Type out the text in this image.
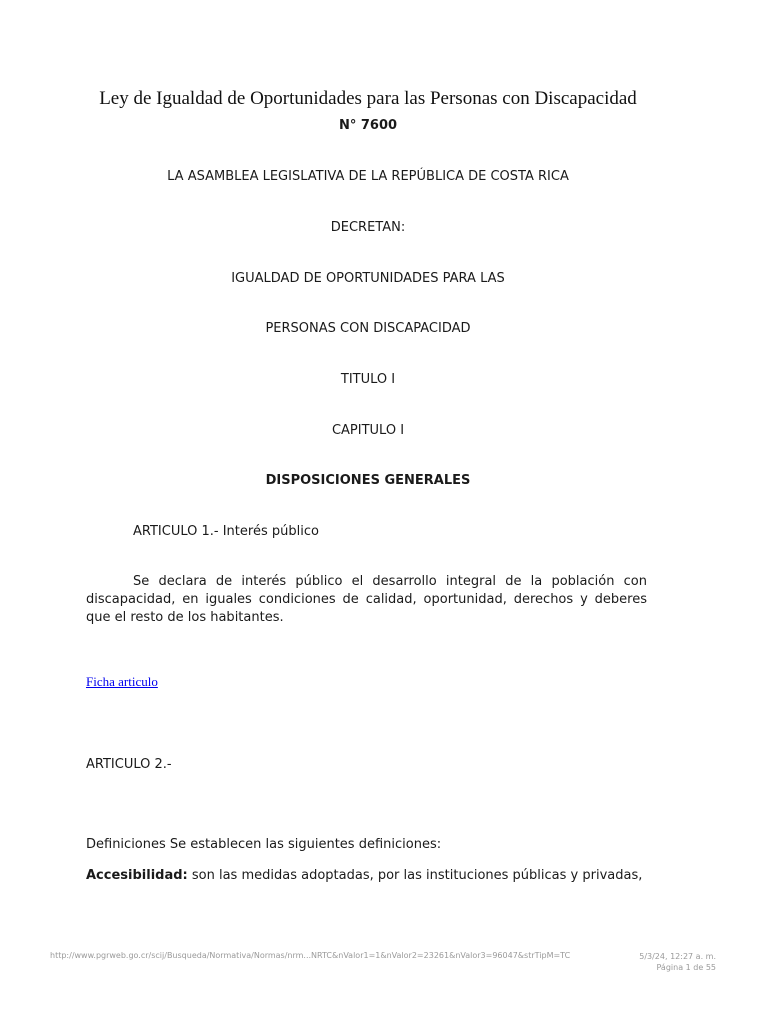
Ley de Igualdad de Oportunidades para las Personas con Discapacidad
N° 7600
LA ASAMBLEA LEGISLATIVA DE LA REPÚBLICA DE COSTA RICA
DECRETAN:
IGUALDAD DE OPORTUNIDADES PARA LAS
PERSONAS CON DISCAPACIDAD
TITULO I
CAPITULO I
DISPOSICIONES GENERALES
ARTICULO 1.- Interés público
Se declara de interés público el desarrollo integral de la población con discapacidad, en iguales condiciones de calidad, oportunidad, derechos y deberes que el resto de los habitantes.
Ficha articulo
ARTICULO 2.-
Definiciones Se establecen las siguientes definiciones:
Accesibilidad: son las medidas adoptadas, por las instituciones públicas y privadas,
http://www.pgrweb.go.cr/scij/Busqueda/Normativa/Normas/nrm...NRTC&nValor1=1&nValor2=23261&nValor3=96047&strTipM=TC	5/3/24, 12:27 a. m.
Página 1 de 55
